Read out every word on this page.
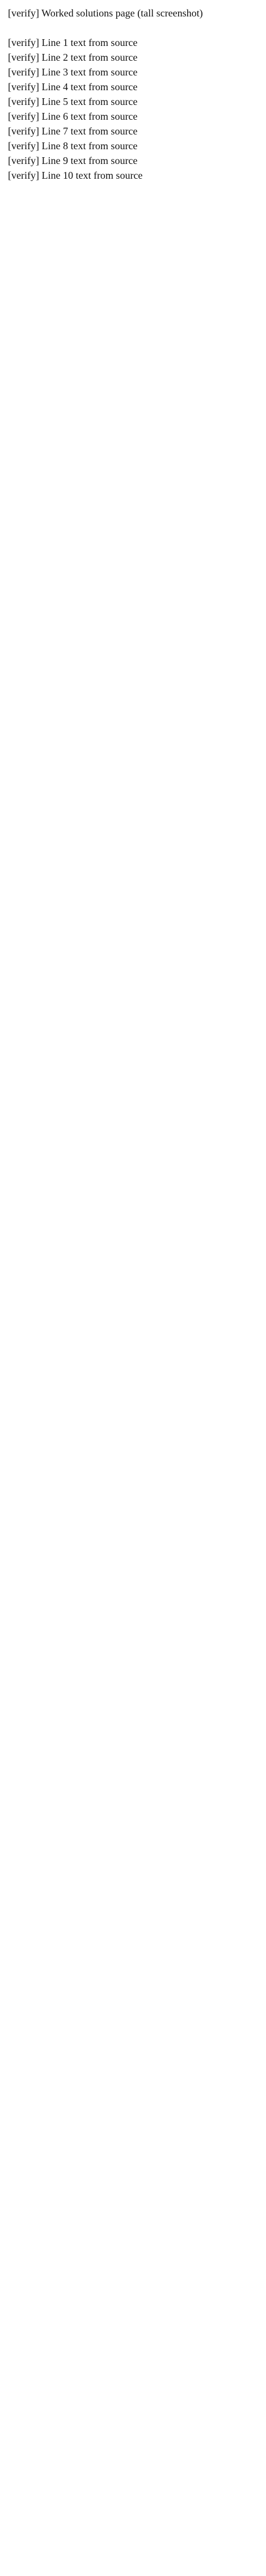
[verify] Worked solutions page (tall screenshot)

[verify] Line 1 text from source

[verify] Line 2 text from source

[verify] Line 3 text from source

[verify] Line 4 text from source

[verify] Line 5 text from source

[verify] Line 6 text from source

[verify] Line 7 text from source

[verify] Line 8 text from source

[verify] Line 9 text from source

[verify] Line 10 text from source
